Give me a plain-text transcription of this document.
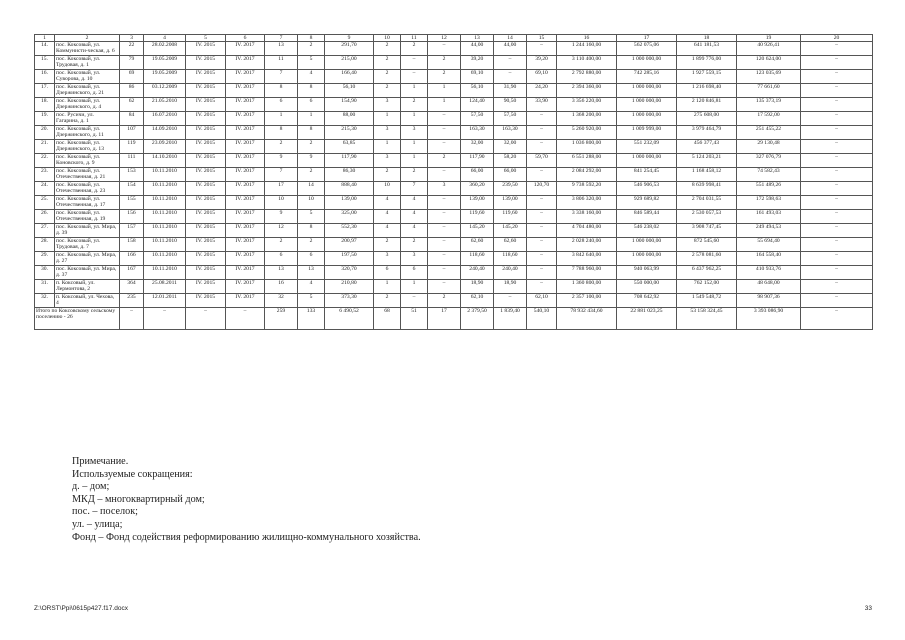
1	2	3	4	5	6	7	8	9	10	11	12	13	14	15	16	17	18	19	20
14.	пос. Коксовый, ул. Коммунисти-ческая, д. 6	22	28.02.2008	IV. 2015	IV. 2017	13	2	291,70	2	2	–	44,00	44,00	–	1 244 160,00	562 075,06	641 181,53	40 926,41	–
15.	пос. Коксовый, ул. Трудовая, д. 1	79	19.05.2009	IV. 2015	IV. 2017	11	5	215,00	2	–	2	39,20	–	39,20	3 110 400,00	1 000 000,00	1 899 776,00	120 624,00	–
16.	пос. Коксовый, ул. Суворова, д. 10	69	19.05.2009	IV. 2015	IV. 2017	7	4	166,40	2	–	2	69,10	–	69,10	2 792 880,00	742 285,16	1 927 559,15	123 035,69	–
17.	пос. Коксовый, ул. Дзержинского, д. 21	86	03.12.2009	IV. 2015	IV. 2017	8	8	56,10	2	1	1	56,10	31,90	24,20	2 394 360,00	1 000 000,00	1 216 698,40	77 661,60	–
18.	пос. Коксовый, ул. Дзержинского, д. 4	62	21.05.2010	IV. 2015	IV. 2017	6	6	154,90	3	2	1	124,40	90,50	33,90	3 356 220,00	1 000 000,00	2 120 846,81	135 373,19	–
19.	пос. Русичи, ул. Гагарина, д. 1	84	16.07.2010	IV. 2015	IV. 2017	1	1	88,00	1	1	–	57,50	57,50	–	1 368 200,00	1 000 000,00	275 608,00	17 592,00	–
20.	пос. Коксовый, ул. Дзержинского, д. 11	107	14.09.2010	IV. 2015	IV. 2017	8	8	215,30	3	3	–	163,30	163,30	–	5 260 920,00	1 009 999,00	3 979 464,79	251 455,22	–
21.	пос. Коксовый, ул. Дзержинского, д. 13	119	23.09.2010	IV. 2015	IV. 2017	2	2	63,85	1	1	–	32,00	32,00	–	1 036 800,00	551 232,09	456 377,43	29 130,48	–
22.	пос. Коксовый, ул. Коновского, д. 9	111	14.10.2010	IV. 2015	IV. 2017	9	9	117,90	3	1	2	117,90	58,20	59,70	6 551 288,00	1 000 000,00	5 124 203,21	327 076,79	–
23.	пос. Коксовый, ул. Отечественная, д. 21	153	10.11.2010	IV. 2015	IV. 2017	7	2	86,30	2	2	–	66,00	66,00	–	2 084 292,00	841 254,45	1 168 458,12	74 582,43	–
24.	пос. Коксовый, ул. Отечественная, д. 23	154	10.11.2010	IV. 2015	IV. 2017	17	14	888,40	10	7	3	360,20	239,50	120,70	9 738 592,20	546 906,53	8 639 998,41	551 489,26	–
25.	пос. Коксовый, ул. Отечественная, д. 17	155	10.11.2010	IV. 2015	IV. 2017	10	10	139,00	4	4	–	139,00	139,00	–	3 806 320,00	929 689,82	2 704 031,55	172 598,63	–
26.	пос. Коксовый, ул. Отечественная, д. 19	156	10.11.2010	IV. 2015	IV. 2017	9	5	325,00	4	4	–	119,60	119,60	–	3 338 160,00	846 589,44	2 530 057,53	161 493,03	–
27.	пос. Коксовый, ул. Мира, д. 39	157	10.11.2010	IV. 2015	IV. 2017	12	8	552,30	4	4	–	145,20	145,20	–	4 704 480,00	546 238,02	3 908 747,45	249 494,53	–
28.	пос. Коксовый, ул. Трудовая, д. 7	158	10.11.2010	IV. 2015	IV. 2017	2	2	200,97	2	2	–	62,60	62,60	–	2 028 240,00	1 000 000,00	872 545,60	55 694,40	–
29.	пос. Коксовый, ул. Мира, д. 27	166	10.11.2010	IV. 2015	IV. 2017	6	6	197,50	3	3	–	118,60	118,60	–	3 842 640,00	1 000 000,00	2 578 081,60	164 558,40	–
30.	пос. Коксовый, ул. Мира, д. 37	167	10.11.2010	IV. 2015	IV. 2017	13	13	320,70	6	6	–	240,40	240,40	–	7 788 960,00	940 063,99	6 437 962,25	410 933,76	–
31.	п. Коксовый, ул. Лермонтова, 2	364	25.08.2011	IV. 2015	IV. 2017	16	4	210,80	1	1	–	18,90	18,90	–	1 360 800,00	550 000,00	762 152,00	48 648,00	–
32.	п. Коксовый, ул. Чехова, 4	235	12.01.2011	IV. 2015	IV. 2017	32	5	373,30	2	–	2	62,10	–	62,10	2 357 100,00	708 642,92	1 549 548,72	98 907,36	–
Итого по Коксовскому сельскому поселению - 26		–	–	–	–	259	133	6 490,52	68	51	17	2 379,50	1 839,40	540,10	78 932 434,60	22 881 023,25	53 158 324,45	3 393 086,90	–
Примечание.
Используемые сокращения:
д. – дом;
МКД – многоквартирный дом;
пос. – поселок;
ул. – улица;
Фонд – Фонд содействия реформированию жилищно-коммунального хозяйства.
Z:\ORST\Ppi\0615p427.f17.docx	33
